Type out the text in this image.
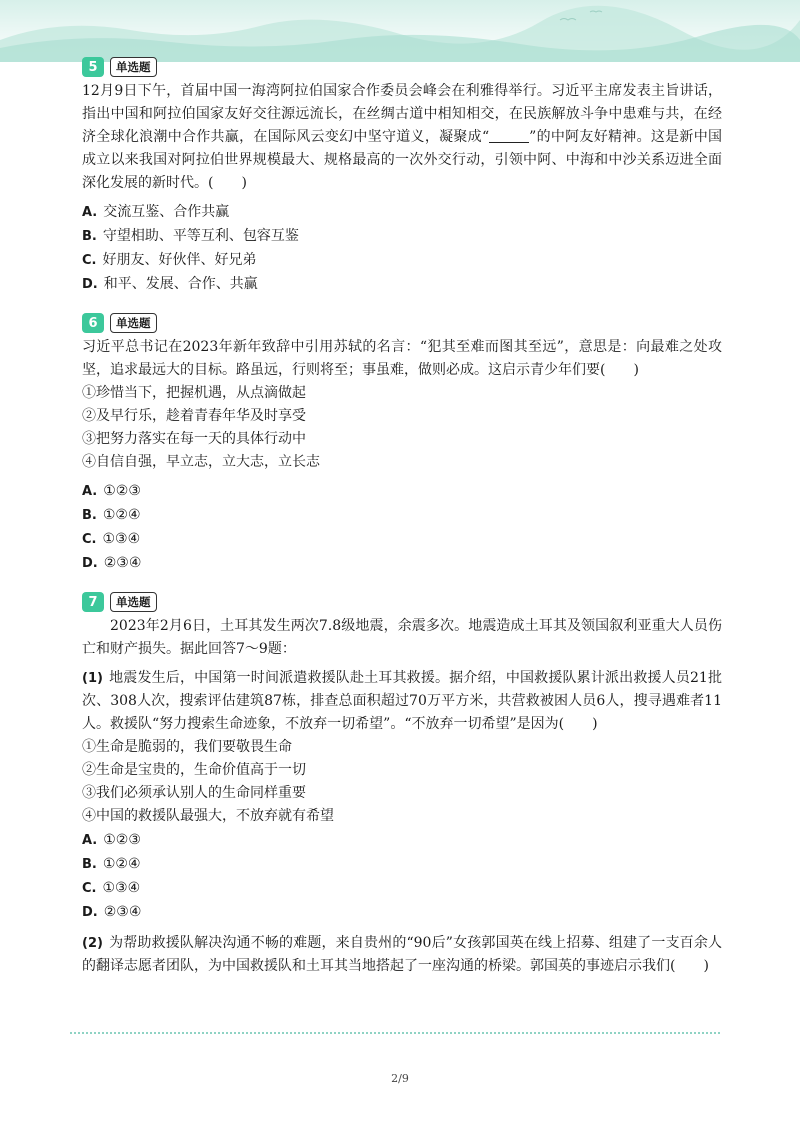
5	单选题

12月9日下午，首届中国一海湾阿拉伯国家合作委员会峰会在利雅得举行。习近平主席发表主旨讲话，指出中国和阿拉伯国家友好交往源远流长，在丝绸古道中相知相交，在民族解放斗争中患难与共，在经济全球化浪潮中合作共赢，在国际风云变幻中坚守道义，凝聚成“	”的中阿友好精神。这是新中国成立以来我国对阿拉伯世界规模最大、规格最高的一次外交行动，引领中阿、中海和中沙关系迈进全面深化发展的新时代。(　　)

A. 交流互鉴、合作共赢

B. 守望相助、平等互利、包容互鉴

C. 好朋友、好伙伴、好兄弟

D. 和平、发展、合作、共赢

6	单选题

习近平总书记在2023年新年致辞中引用苏轼的名言：“犯其至难而图其至远”，意思是：向最难之处攻坚，追求最远大的目标。路虽远，行则将至；事虽难，做则必成。这启示青少年们要(　　)

①珍惜当下，把握机遇，从点滴做起

②及早行乐，趁着青春年华及时享受

③把努力落实在每一天的具体行动中

④自信自强，早立志，立大志，立长志

A. ①②③

B. ①②④

C. ①③④

D. ②③④

7	单选题

2023年2月6日，土耳其发生两次7.8级地震，余震多次。地震造成土耳其及领国叙利亚重大人员伤亡和财产损失。据此回答7～9题：

(1) 地震发生后，中国第一时间派遣救援队赴土耳其救援。据介绍，中国救援队累计派出救援人员21批次、308人次，搜索评估建筑87栋，排查总面积超过70万平方米，共营救被困人员6人，搜寻遇难者11人。救援队“努力搜索生命迹象，不放弃一切希望”。“不放弃一切希望”是因为(　　)

①生命是脆弱的，我们要敬畏生命

②生命是宝贵的，生命价值高于一切

③我们必须承认别人的生命同样重要

④中国的救援队最强大，不放弃就有希望

A. ①②③

B. ①②④

C. ①③④

D. ②③④

(2) 为帮助救援队解决沟通不畅的难题，来自贵州的“90后”女孩郭国英在线上招募、组建了一支百余人的翻译志愿者团队，为中国救援队和土耳其当地搭起了一座沟通的桥梁。郭国英的事迹启示我们(　　)

2/9
